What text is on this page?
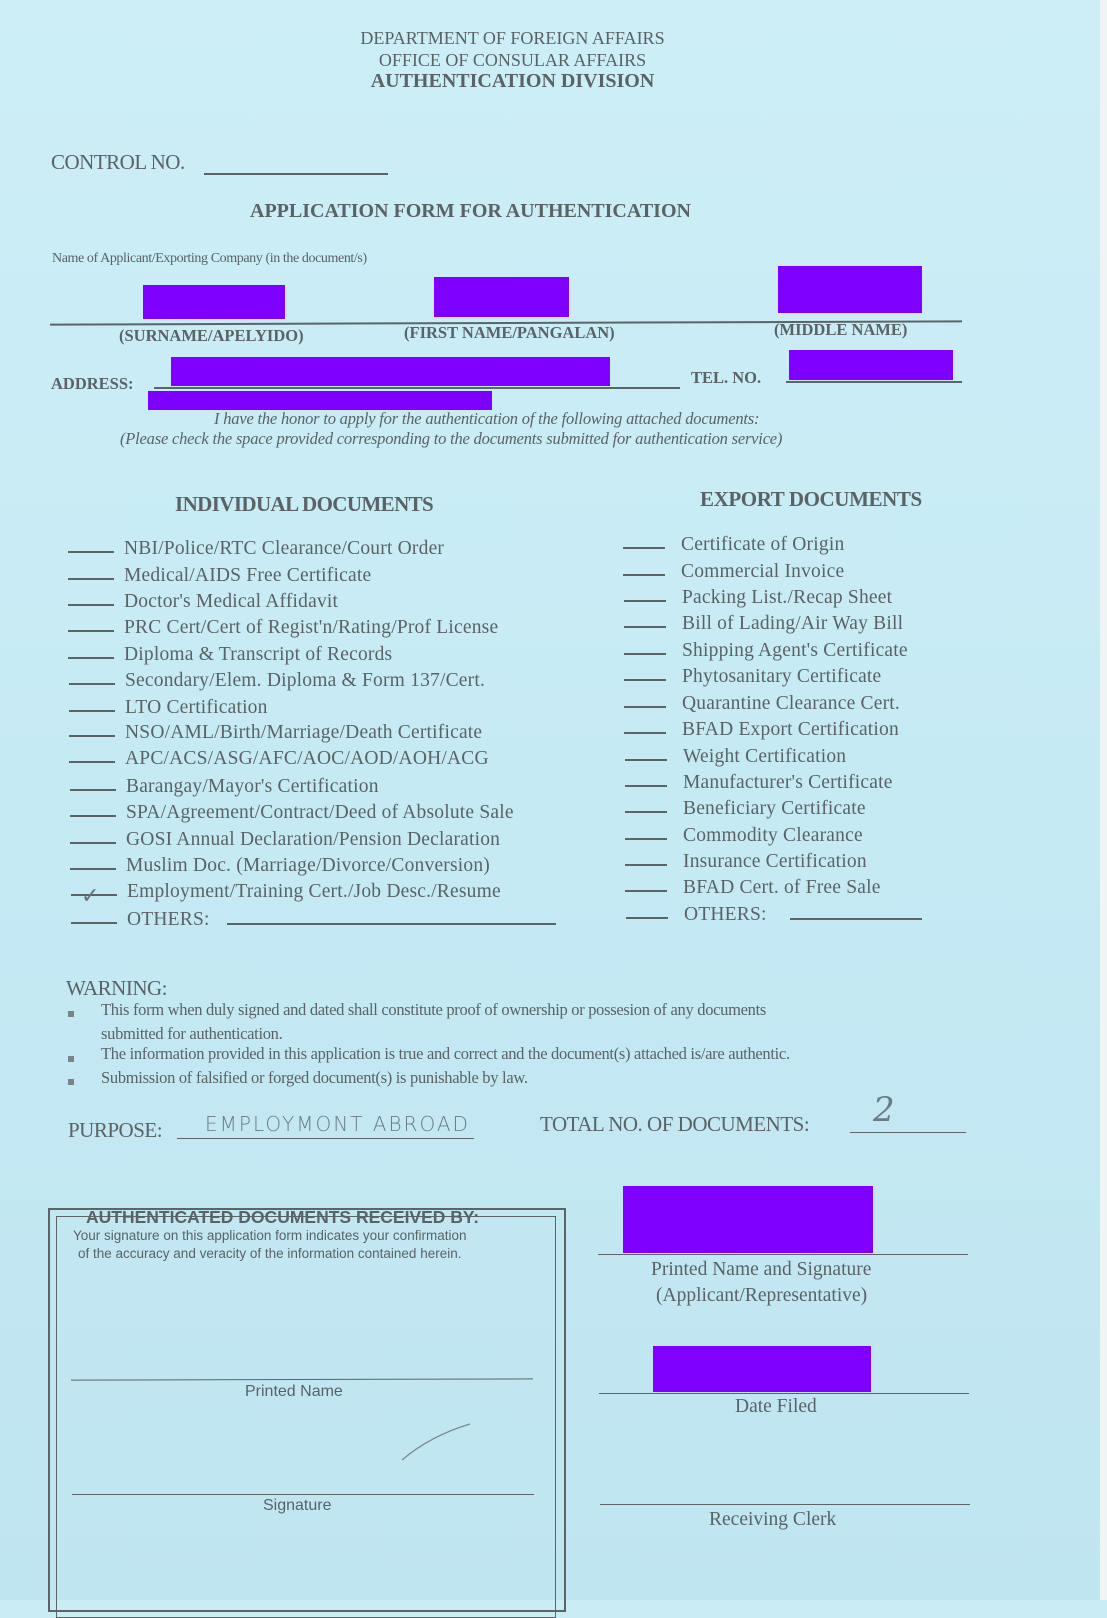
DEPARTMENT OF FOREIGN AFFAIRS
OFFICE OF CONSULAR AFFAIRS
AUTHENTICATION DIVISION
CONTROL NO.
APPLICATION FORM FOR AUTHENTICATION
Name of Applicant/Exporting Company (in the document/s)
(SURNAME/APELYIDO)	(FIRST NAME/PANGALAN)	(MIDDLE NAME)
ADDRESS:	TEL. NO.
I have the honor to apply for the authentication of the following attached documents:
(Please check the space provided corresponding to the documents submitted for authentication service)
INDIVIDUAL DOCUMENTS
NBI/Police/RTC Clearance/Court Order
Medical/AIDS Free Certificate
Doctor's Medical Affidavit
PRC Cert/Cert of Regist'n/Rating/Prof License
Diploma & Transcript of Records
Secondary/Elem. Diploma & Form 137/Cert.
LTO Certification
NSO/AML/Birth/Marriage/Death Certificate
APC/ACS/ASG/AFC/AOC/AOD/AOH/ACG
Barangay/Mayor's Certification
SPA/Agreement/Contract/Deed of Absolute Sale
GOSI Annual Declaration/Pension Declaration
Muslim Doc. (Marriage/Divorce/Conversion)
✓ Employment/Training Cert./Job Desc./Resume
OTHERS:
EXPORT DOCUMENTS
Certificate of Origin
Commercial Invoice
Packing List./Recap Sheet
Bill of Lading/Air Way Bill
Shipping Agent's Certificate
Phytosanitary Certificate
Quarantine Clearance Cert.
BFAD Export Certification
Weight Certification
Manufacturer's Certificate
Beneficiary Certificate
Commodity Clearance
Insurance Certification
BFAD Cert. of Free Sale
OTHERS:
WARNING:
This form when duly signed and dated shall constitute proof of ownership or possesion of any documents
submitted for authentication.
The information provided in this application is true and correct and the document(s) attached is/are authentic.
Submission of falsified or forged document(s) is punishable by law.
PURPOSE: EMPLOYMONT ABROAD	TOTAL NO. OF DOCUMENTS: 2
AUTHENTICATED DOCUMENTS RECEIVED BY:
Your signature on this application form indicates your confirmation
of the accuracy and veracity of the information contained herein.
Printed Name
Signature
Printed Name and Signature
(Applicant/Representative)
Date Filed
Receiving Clerk
